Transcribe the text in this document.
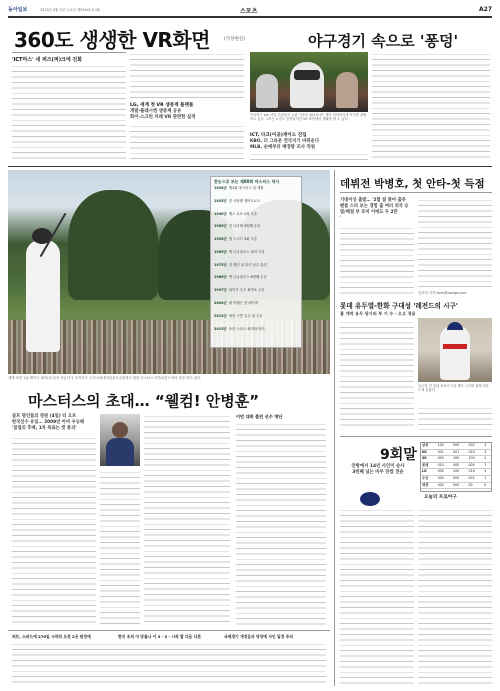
동아일보	2013년 4월 5일 금요일 제29441호 (8)	스포츠	A27
360도 생생한 VR화면	(가상현실)
'ICT마스' 새 퍼즈(퍼)크에 진화
LG, 세계 첫 VR 생중계 플랫폼
개발·플래시엔 생중계 공유
화이·스크린 차례 VR 관련한 실적
야구경기 속으로 '퐁덩'
프로야구 ktx 사업 주관업지 주관 기술력 2013시즌 개막 의미하기에 야구를 관람하고 있다 그러는 시각도 증양되지만 VR 화면에서 생활을 할 수 있다.
ICT, 다크(이공)게이드 진입
KBO, 더 그라운 전국지기 바뀌운다
MLB, 순매부터 배경량 조사 직원
한눈으로 보는 제80회 마스터스 역사
1934년 제1회 마스터스 첫 개최
1935년 진 사라젠 앨버트로스
1940년 제스 로브 2회 우승
1950년 진 디마레 3번째 우승
1954년 샘 스니드 3회 우승
1965년 잭 니클라우스 최저 기록
1975년 리 엘더 첫 흑인 선수 출전
1986년 잭 니클라우스 6번째 우승
1997년 타이거 우즈 최연소 우승
2004년 필 미켈슨 첫 메이저
2013년 애덤 스콧 호주 첫 우승
2015년 조던 스피스 최저타 타이
세계 최정 1위 제이슨 데이(호주)가 5일 미국 조지아주 오거스타내셔널골프클럽에서 열린 마스터스 연습라운드에서 샷을 하고 있다.
마스터스의 초대… “웰컴! 안병훈”
골프 명인들의 영원 (4일) 티 오프
한국선수 유일… 2009년 아마 우승때
'꿈결의 후배, 1차 목표는 컷 통과'
이번 대회 출전 선수 명단
퍼트, 스피드에 270일 시작라 도전 2곳 원정에	현지 조직 아 당물나 이 3 - 3 - 시작 할 다음 다른	국제경기 개정음의 당장에 사인 일정 주의
데뷔전 박병호, 첫 안타-첫 득점
기대이상 출발… '2할 잘 찾아 출루
팬들 스타 보는 경험 출 여러 외국 승
빛/배점 부 조미 이에도 두 2만
'
임보미 기자 bom@donga.com
롯데 유두열-한화 구대성 '레전드의 시구'
홈 개막 유두 당시의 투 기 수 - 오오 경용
유두열 전 롯데 코치가 1일 개막 시구를 위해 마운드에 올랐다.
9회말
안방에서 14년 사인이 순사
3번째 넘는 마무 잔쌈 전운
삼성	100	000	002	3
NC	001	001	010	3
SK	000	100	100	2
롯데	010	000	000	1
LG	000	200	01X	3
두산	000	000	001	1
넥센	000	000	00	0
오늘의 프로야구
